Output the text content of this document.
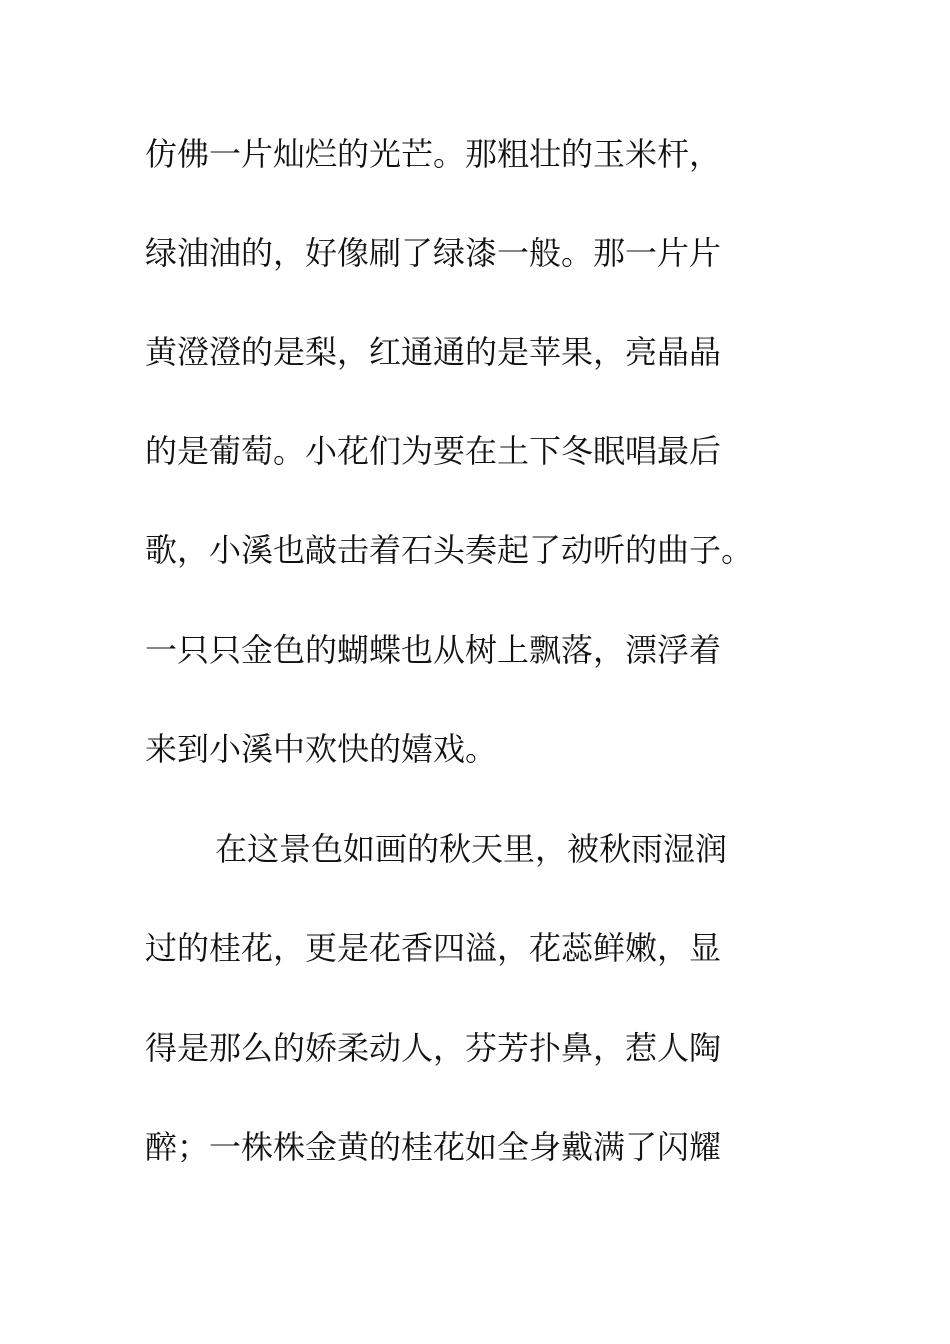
仿佛一片灿烂的光芒。那粗壮的玉米杆，

绿油油的，好像刷了绿漆一般。那一片片

黄澄澄的是梨，红通通的是苹果，亮晶晶

的是葡萄。小花们为要在土下冬眠唱最后

歌，小溪也敲击着石头奏起了动听的曲子。

一只只金色的蝴蝶也从树上飘落，漂浮着

来到小溪中欢快的嬉戏。

在这景色如画的秋天里，被秋雨湿润

过的桂花，更是花香四溢，花蕊鲜嫩，显

得是那么的娇柔动人，芬芳扑鼻，惹人陶

醉；一株株金黄的桂花如全身戴满了闪耀
